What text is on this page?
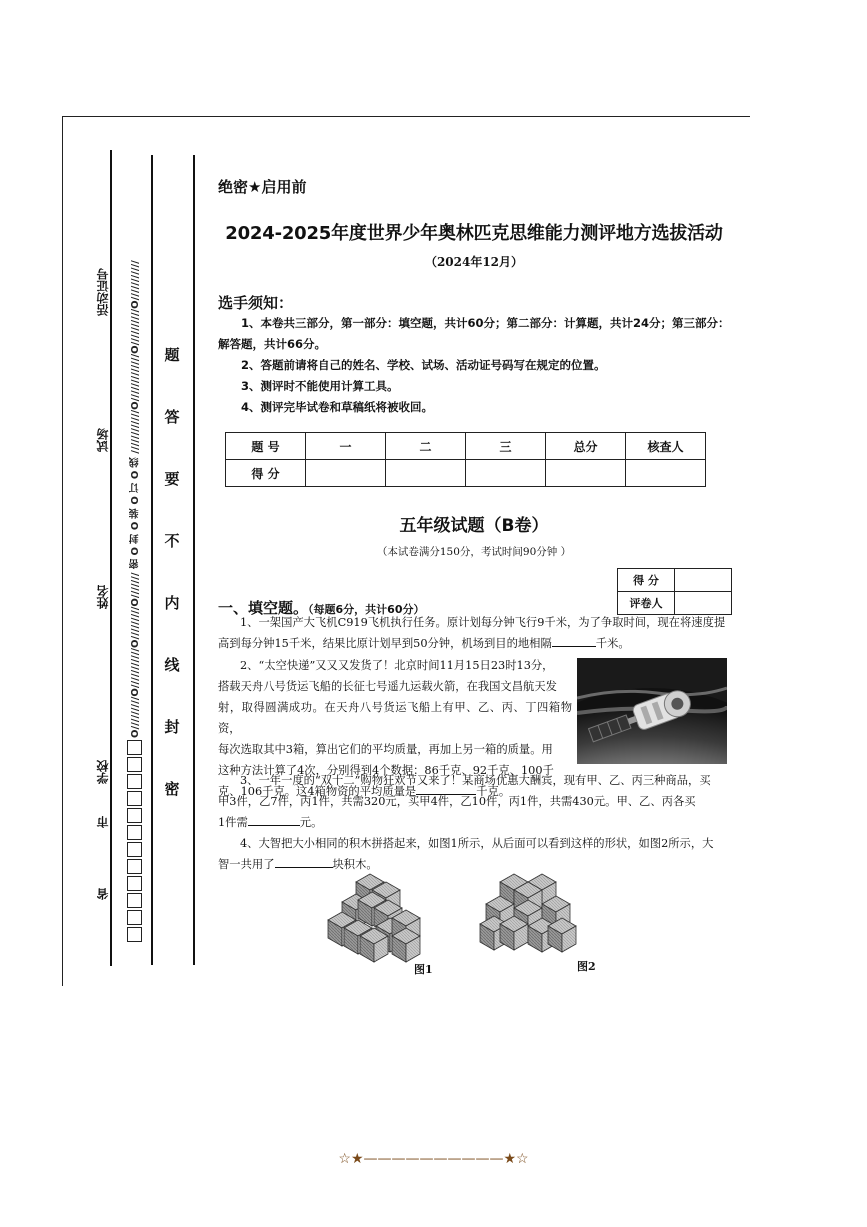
活动证号
试场
姓名
学校
市
省
O/////////O///////////O/////////O/////// 密 O 封 O 装 O 订 O 线 ////////////O/////////////O//////////O/////////// 题
答
要
不
内
线
封
密
绝密★启用前
2024-2025年度世界少年奥林匹克思维能力测评地方选拔活动
（2024年12月）
选手须知：

1、本卷共三部分，第一部分：填空题，共计60分；第二部分：计算题，共计24分；第三部分：

解答题，共计66分。

2、答题前请将自己的姓名、学校、试场、活动证号码写在规定的位置。

3、测评时不能使用计算工具。

4、测评完毕试卷和草稿纸将被收回。

题 号	一	二	三	总分	核查人
得 分					
五年级试题（B卷）
（本试卷满分150分，考试时间90分钟 ）
得 分	
评卷人	
一、填空题。（每题6分，共计60分）

1、一架国产大飞机C919飞机执行任务。原计划每分钟飞行9千米，为了争取时间，现在将速度提

高到每分钟15千米，结果比原计划早到50分钟，机场到目的地相隔	千米。

2、“太空快递”又又又发货了！北京时间11月15日23时13分，

搭载天舟八号货运飞船的长征七号遥九运载火箭，在我国文昌航天发

射，取得圆满成功。在天舟八号货运飞船上有甲、乙、丙、丁四箱物资，

每次选取其中3箱，算出它们的平均质量，再加上另一箱的质量。用

这种方法计算了4次，分别得到4个数据：86千克、92千克、100千

克、106千克。这4箱物资的平均质量是	千克。

3、一年一度的“双十二”购物狂欢节又来了！某商场优惠大酬宾，现有甲、乙、丙三种商品，买

甲3件，乙7件，丙1件，共需320元，买甲4件，乙10件，丙1件，共需430元。甲、乙、丙各买

1件需	元。

4、大智把大小相同的积木拼搭起来，如图1所示，从后面可以看到这样的形状，如图2所示，大

智一共用了	块积木。

图1	图2
☆★——————————★☆
